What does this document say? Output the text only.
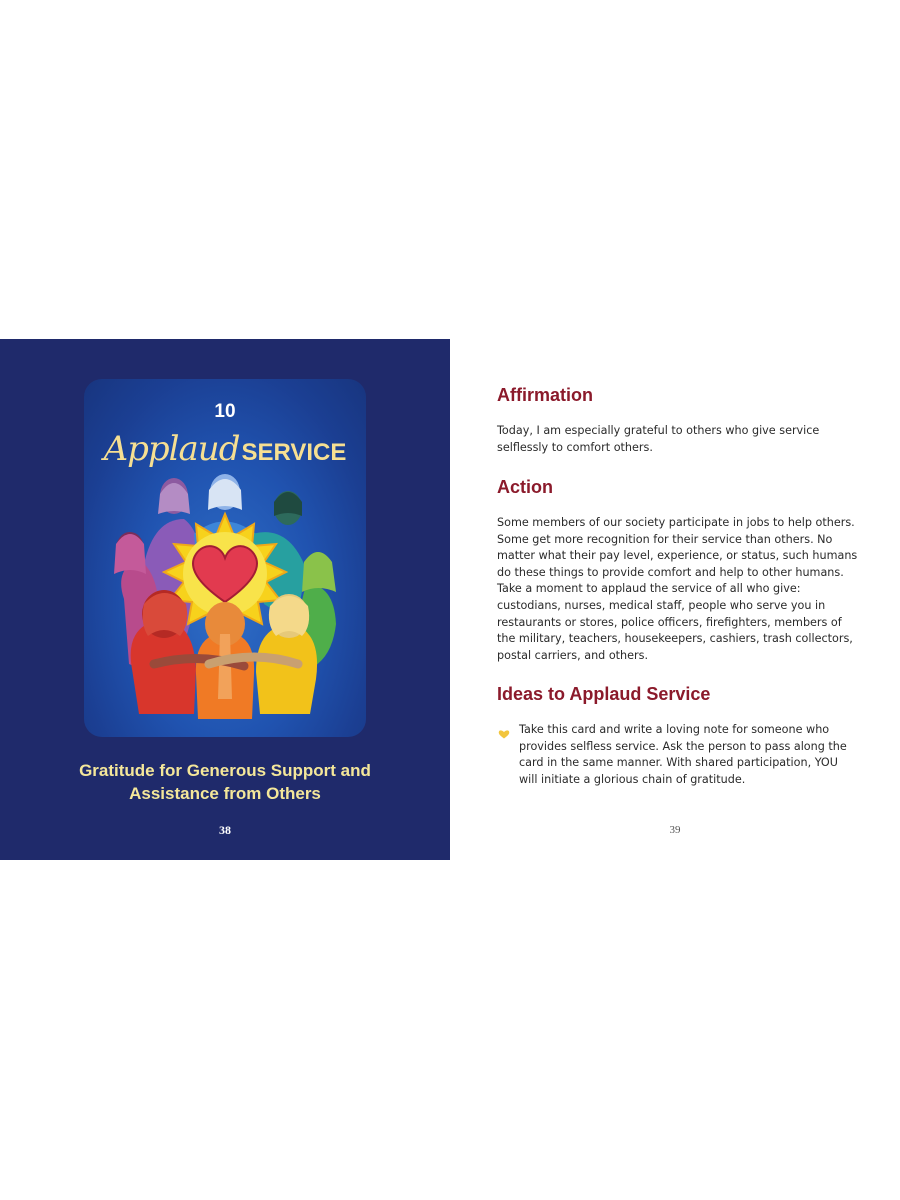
10
ApplaudSERVICE
Gratitude for Generous Support and
Assistance from Others
38
Affirmation
Today, I am especially grateful to others who give service
selflessly to comfort others.
Action
Some members of our society participate in jobs to help others.
Some get more recognition for their service than others. No
matter what their pay level, experience, or status, such humans
do these things to provide comfort and help to other humans.
Take a moment to applaud the service of all who give:
custodians, nurses, medical staff, people who serve you in
restaurants or stores, police officers, firefighters, members of
the military, teachers, housekeepers, cashiers, trash collectors,
postal carriers, and others.
Ideas to Applaud Service
Take this card and write a loving note for someone who
provides selfless service. Ask the person to pass along the
card in the same manner. With shared participation, YOU
will initiate a glorious chain of gratitude.
39
